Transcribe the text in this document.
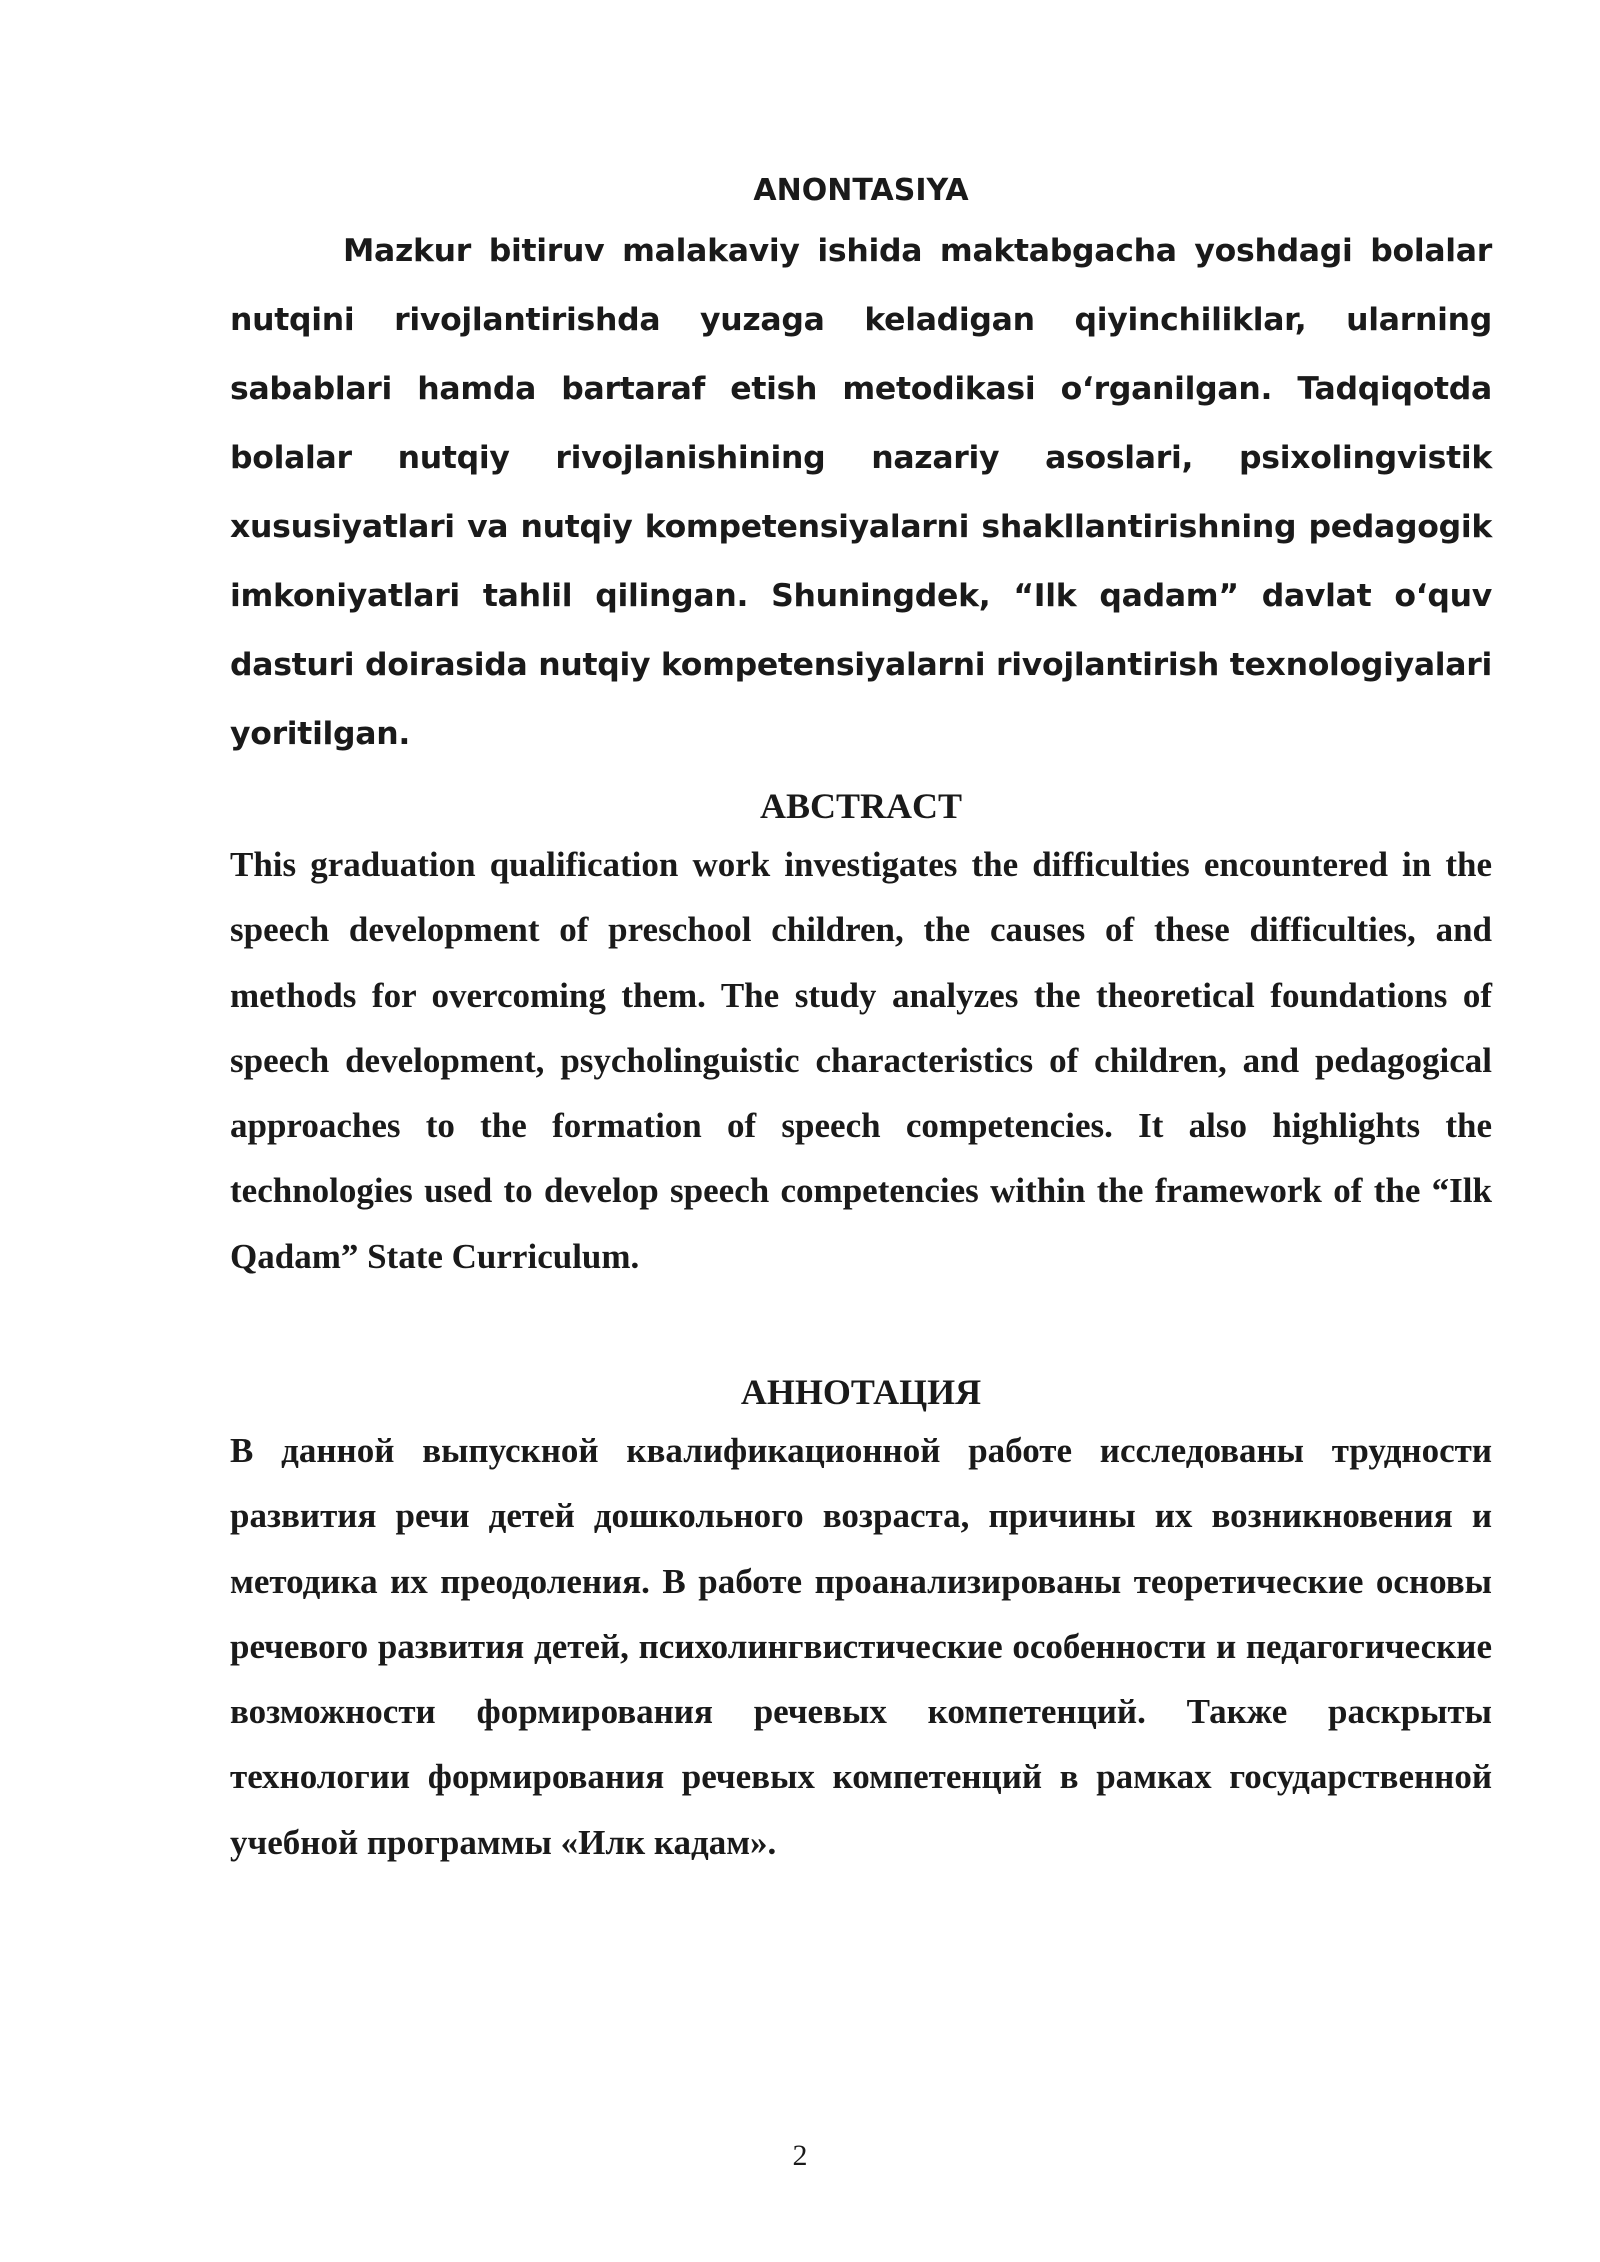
ANONTASIYA

Mazkur bitiruv malakaviy ishida maktabgacha yoshdagi bolalar nutqini rivojlantirishda yuzaga keladigan qiyinchiliklar, ularning sabablari hamda bartaraf etish metodikasi o‘rganilgan. Tadqiqotda bolalar nutqiy rivojlanishining nazariy asoslari, psixolingvistik xususiyatlari va nutqiy kompetensiyalarni shakllantirishning pedagogik imkoniyatlari tahlil qilingan. Shuningdek, “Ilk qadam” davlat o‘quv dasturi doirasida nutqiy kompetensiyalarni rivojlantirish texnologiyalari yoritilgan.

ABCTRACT

This graduation qualification work investigates the difficulties encountered in the speech development of preschool children, the causes of these difficulties, and methods for overcoming them. The study analyzes the theoretical foundations of speech development, psycholinguistic characteristics of children, and pedagogical approaches to the formation of speech competencies. It also highlights the technologies used to develop speech competencies within the framework of the “Ilk Qadam” State Curriculum.

АННОТАЦИЯ

В данной выпускной квалификационной работе исследованы трудности развития речи детей дошкольного возраста, причины их возникновения и методика их преодоления. В работе проанализированы теоретические основы речевого развития детей, психолингвистические особенности и педагогические возможности формирования речевых компетенций. Также раскрыты технологии формирования речевых компетенций в рамках государственной учебной программы «Илк кадам».

2
